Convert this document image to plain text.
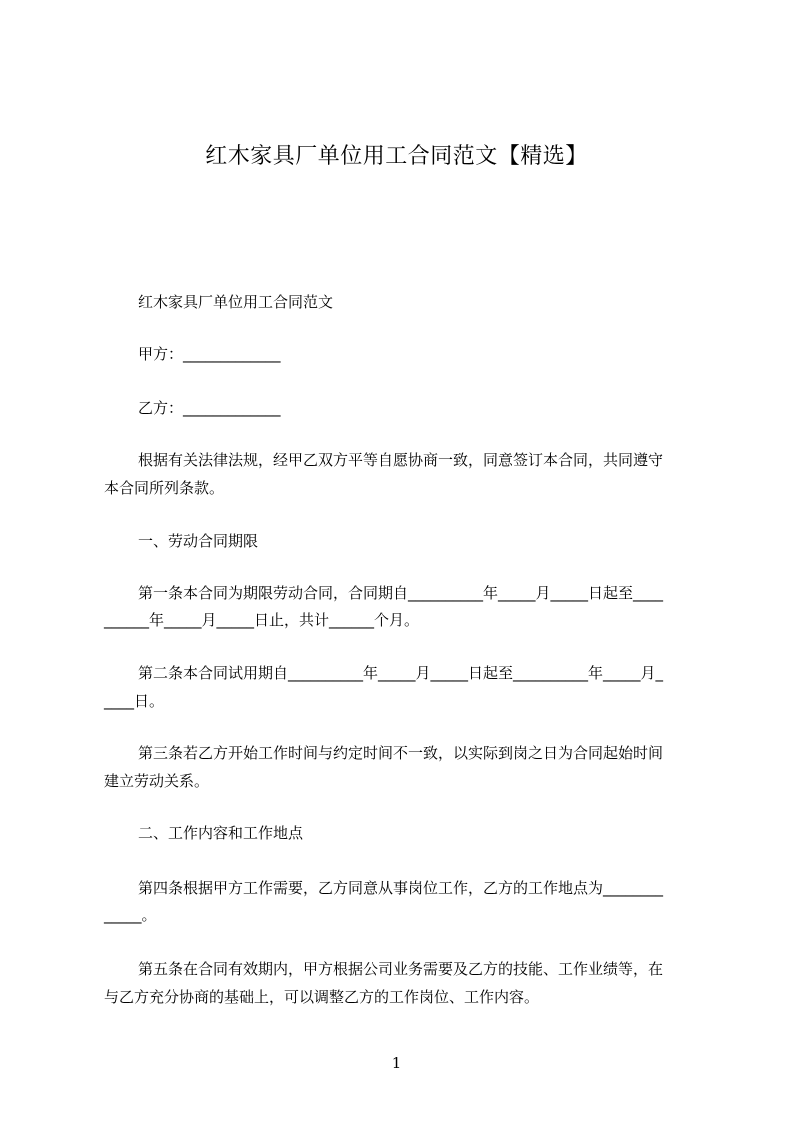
红木家具厂单位用工合同范文【精选】
红木家具厂单位用工合同范文
甲方：_____________
乙方：_____________
根据有关法律法规，经甲乙双方平等自愿协商一致，同意签订本合同，共同遵守
本合同所列条款。
一、劳动合同期限
第一条本合同为期限劳动合同，合同期自__________年_____月_____日起至____
______年_____月_____日止，共计______个月。
第二条本合同试用期自__________年_____月_____日起至__________年_____月_
____日。
第三条若乙方开始工作时间与约定时间不一致，以实际到岗之日为合同起始时间
建立劳动关系。
二、工作内容和工作地点
第四条根据甲方工作需要，乙方同意从事岗位工作，乙方的工作地点为________
_____。
第五条在合同有效期内，甲方根据公司业务需要及乙方的技能、工作业绩等，在
与乙方充分协商的基础上，可以调整乙方的工作岗位、工作内容。
1
